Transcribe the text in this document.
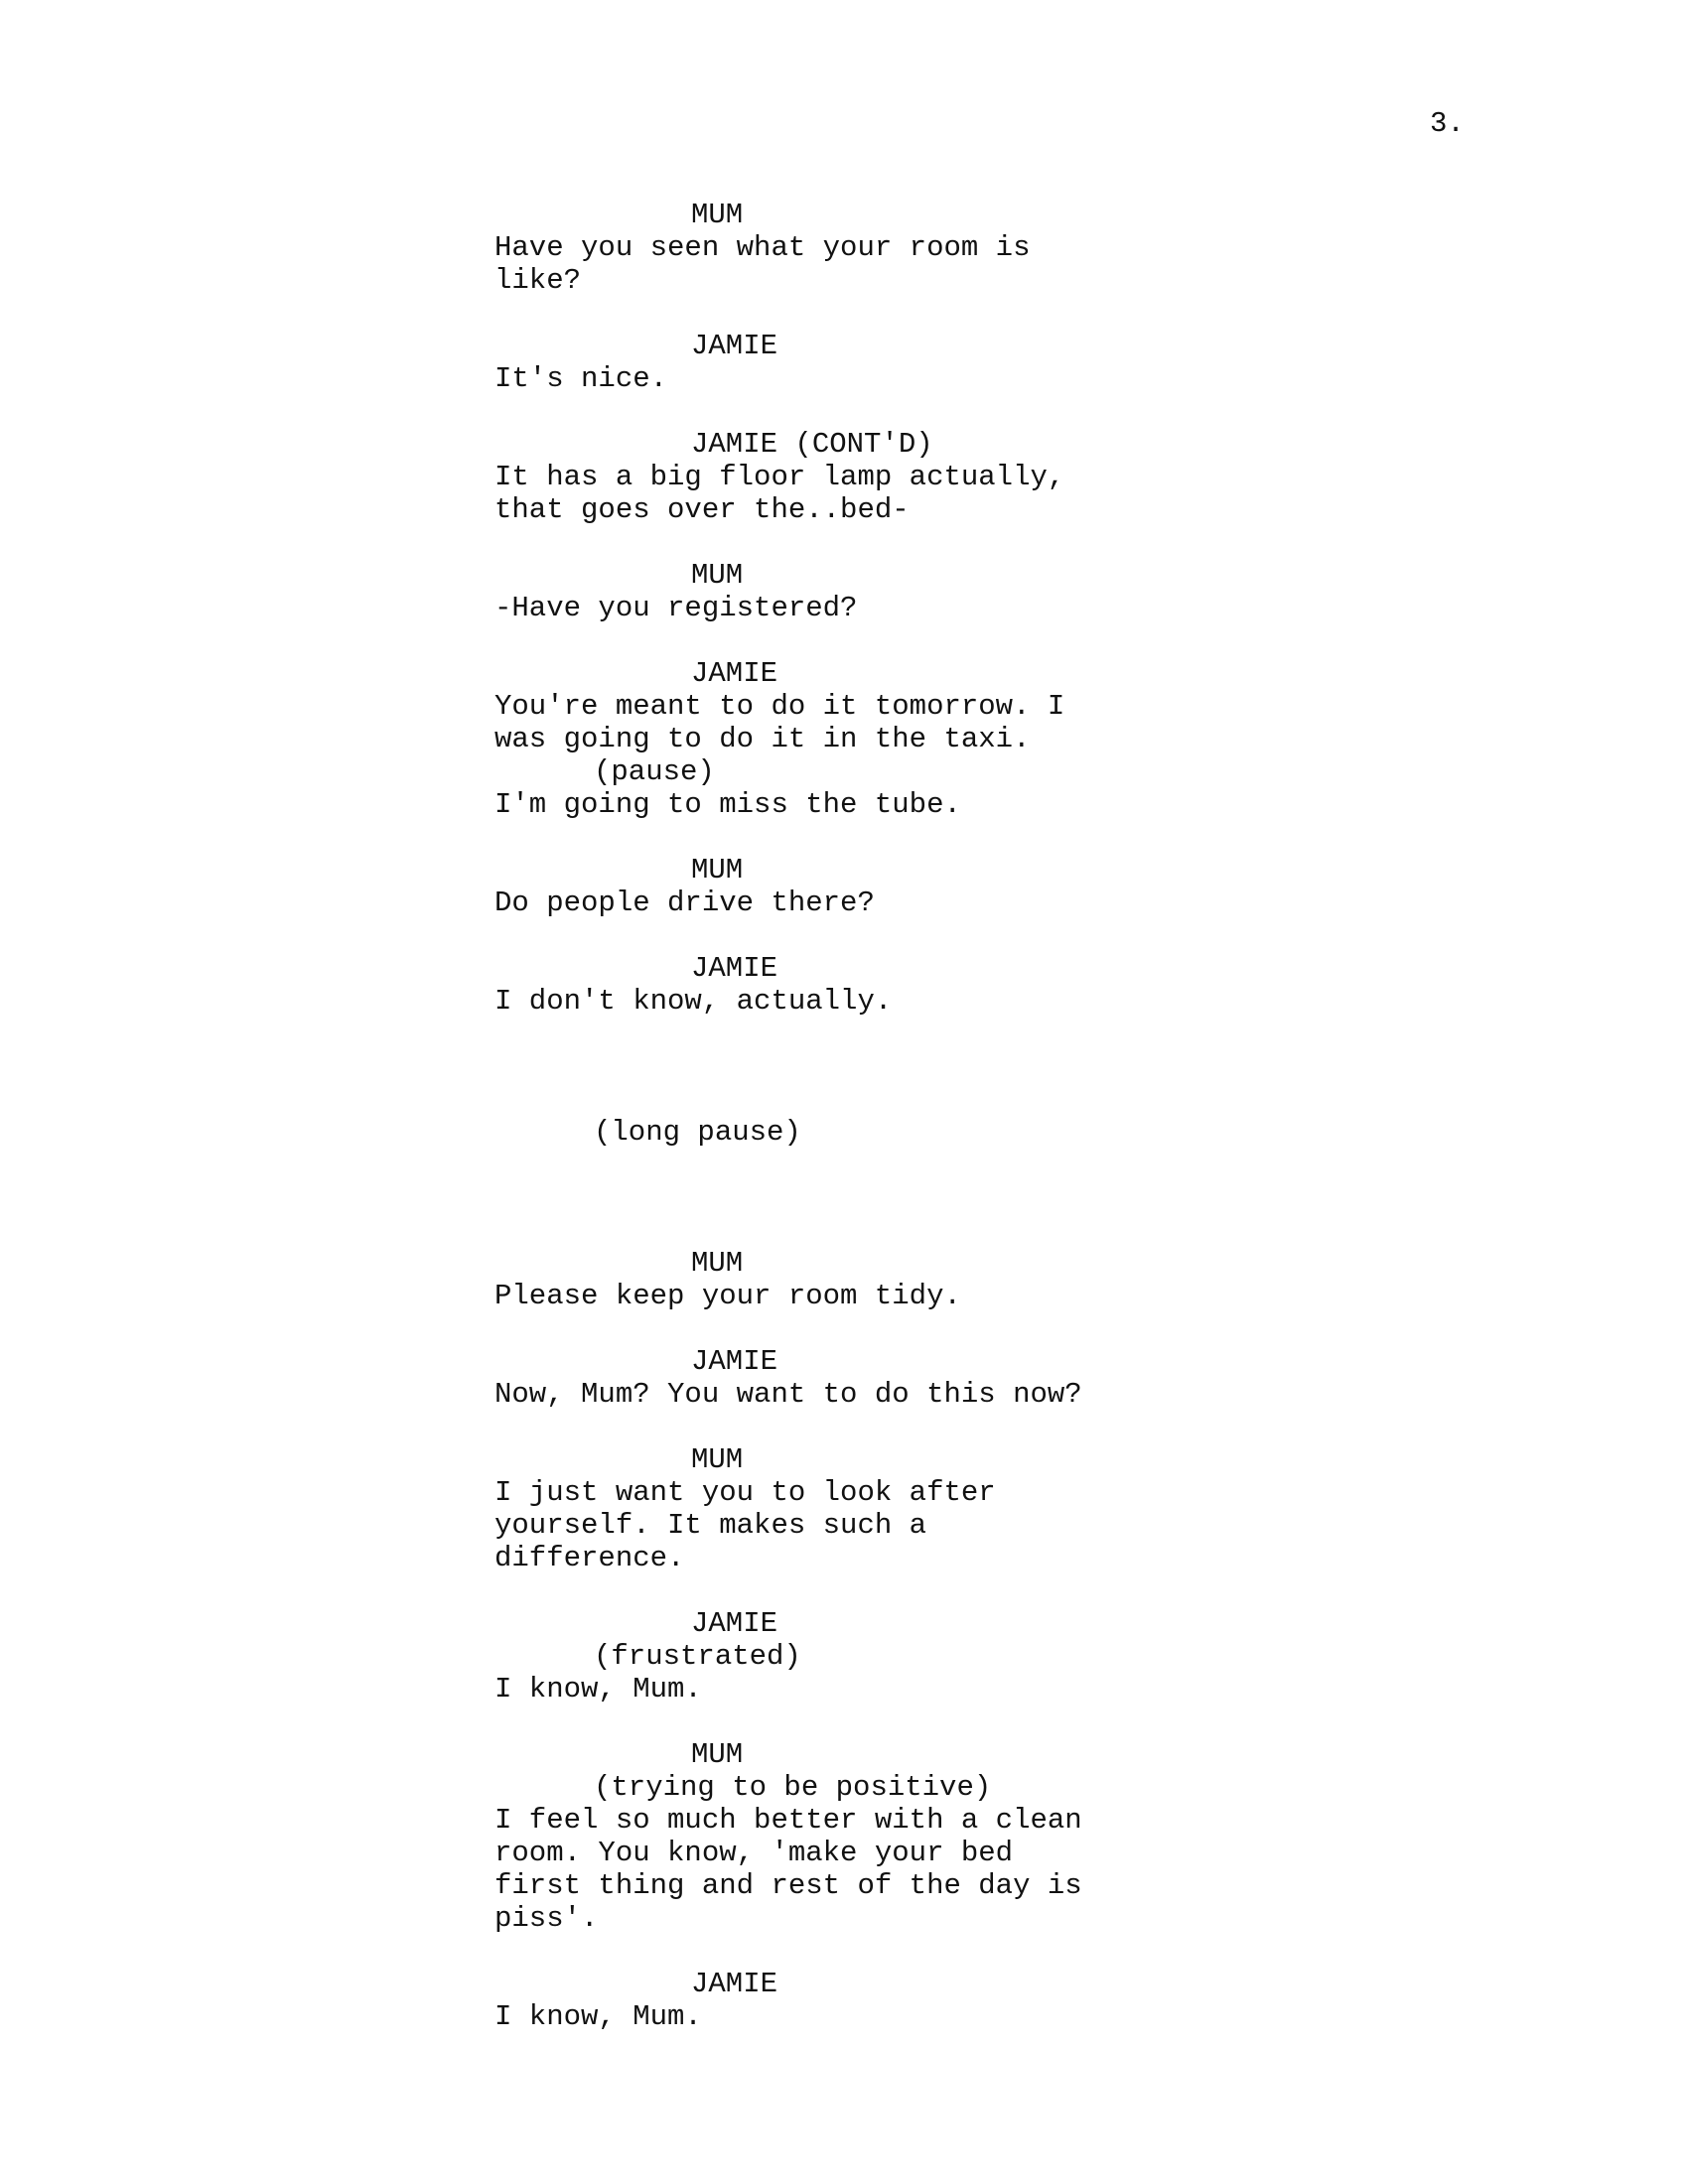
3.
MUM
Have you seen what your room is
like?
JAMIE
It's nice.
JAMIE (CONT'D)
It has a big floor lamp actually,
that goes over the..bed-
MUM
-Have you registered?
JAMIE
You're meant to do it tomorrow. I
was going to do it in the taxi.
(pause)
I'm going to miss the tube.
MUM
Do people drive there?
JAMIE
I don't know, actually.
(long pause)
MUM
Please keep your room tidy.
JAMIE
Now, Mum? You want to do this now?
MUM
I just want you to look after
yourself. It makes such a
difference.
JAMIE
(frustrated)
I know, Mum.
MUM
(trying to be positive)
I feel so much better with a clean
room. You know, 'make your bed
first thing and rest of the day is
piss'.
JAMIE
I know, Mum.
